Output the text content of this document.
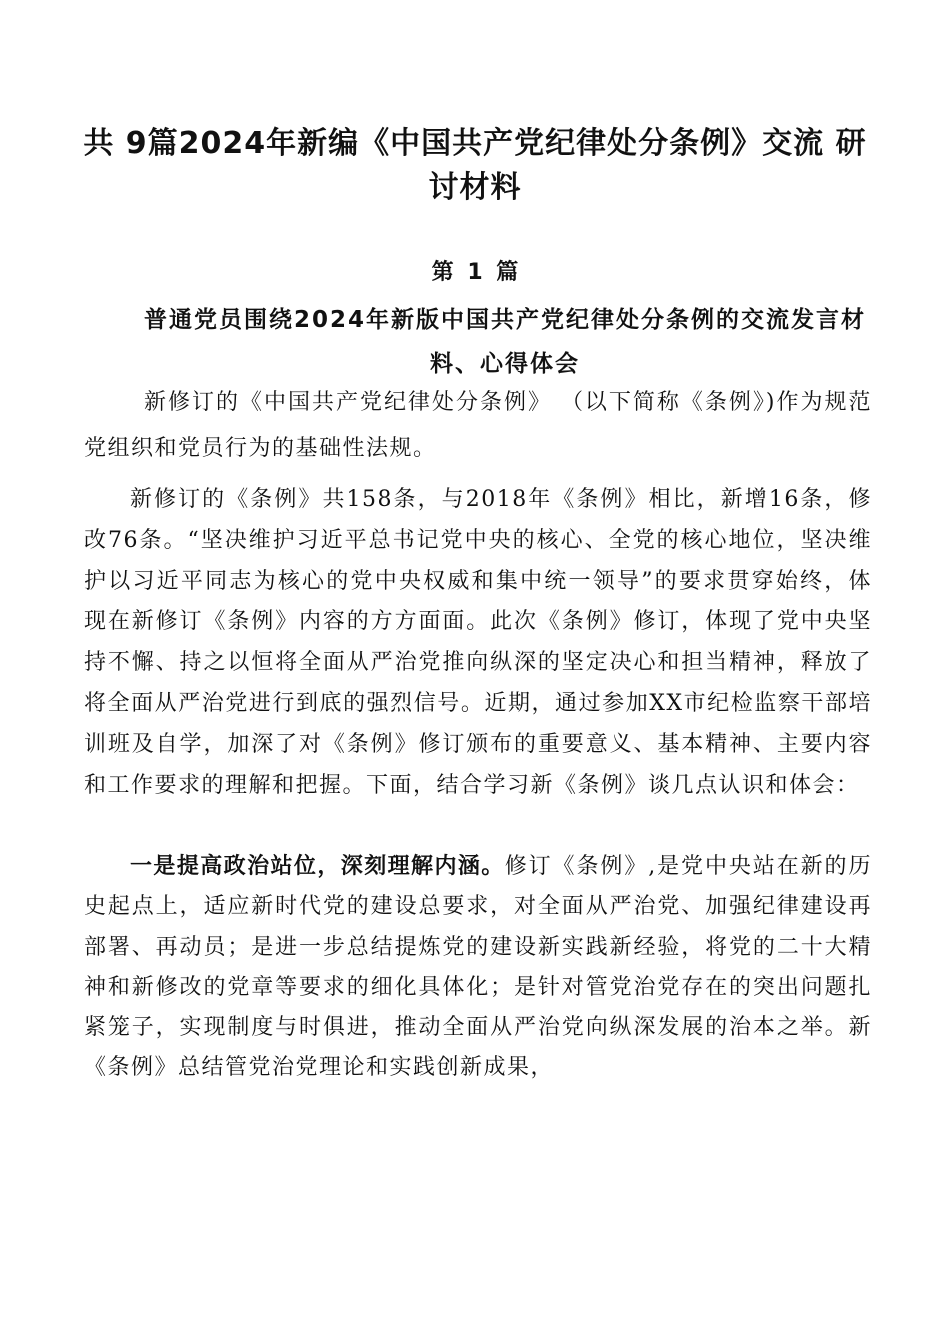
共 9篇2024年新编《中国共产党纪律处分条例》交流 研讨材料
第 1 篇
普通党员围绕2024年新版中国共产党纪律处分条例的交流发言材料、心得体会

新修订的《中国共产党纪律处分条例》 （以下简称《条例》)作为规范党组织和党员行为的基础性法规。

新修订的《条例》共158条，与2018年《条例》相比，新增16条，修改76条。“坚决维护习近平总书记党中央的核心、全党的核心地位，坚决维护以习近平同志为核心的党中央权威和集中统一领导”的要求贯穿始终，体现在新修订《条例》内容的方方面面。此次《条例》修订，体现了党中央坚持不懈、持之以恒将全面从严治党推向纵深的坚定决心和担当精神，释放了将全面从严治党进行到底的强烈信号。近期，通过参加XX市纪检监察干部培训班及自学，加深了对《条例》修订颁布的重要意义、基本精神、主要内容和工作要求的理解和把握。下面，结合学习新《条例》谈几点认识和体会：

一是提高政治站位，深刻理解内涵。修订《条例》,是党中央站在新的历史起点上，适应新时代党的建设总要求，对全面从严治党、加强纪律建设再部署、再动员；是进一步总结提炼党的建设新实践新经验，将党的二十大精神和新修改的党章等要求的细化具体化；是针对管党治党存在的突出问题扎紧笼子，实现制度与时俱进，推动全面从严治党向纵深发展的治本之举。新《条例》总结管党治党理论和实践创新成果，
